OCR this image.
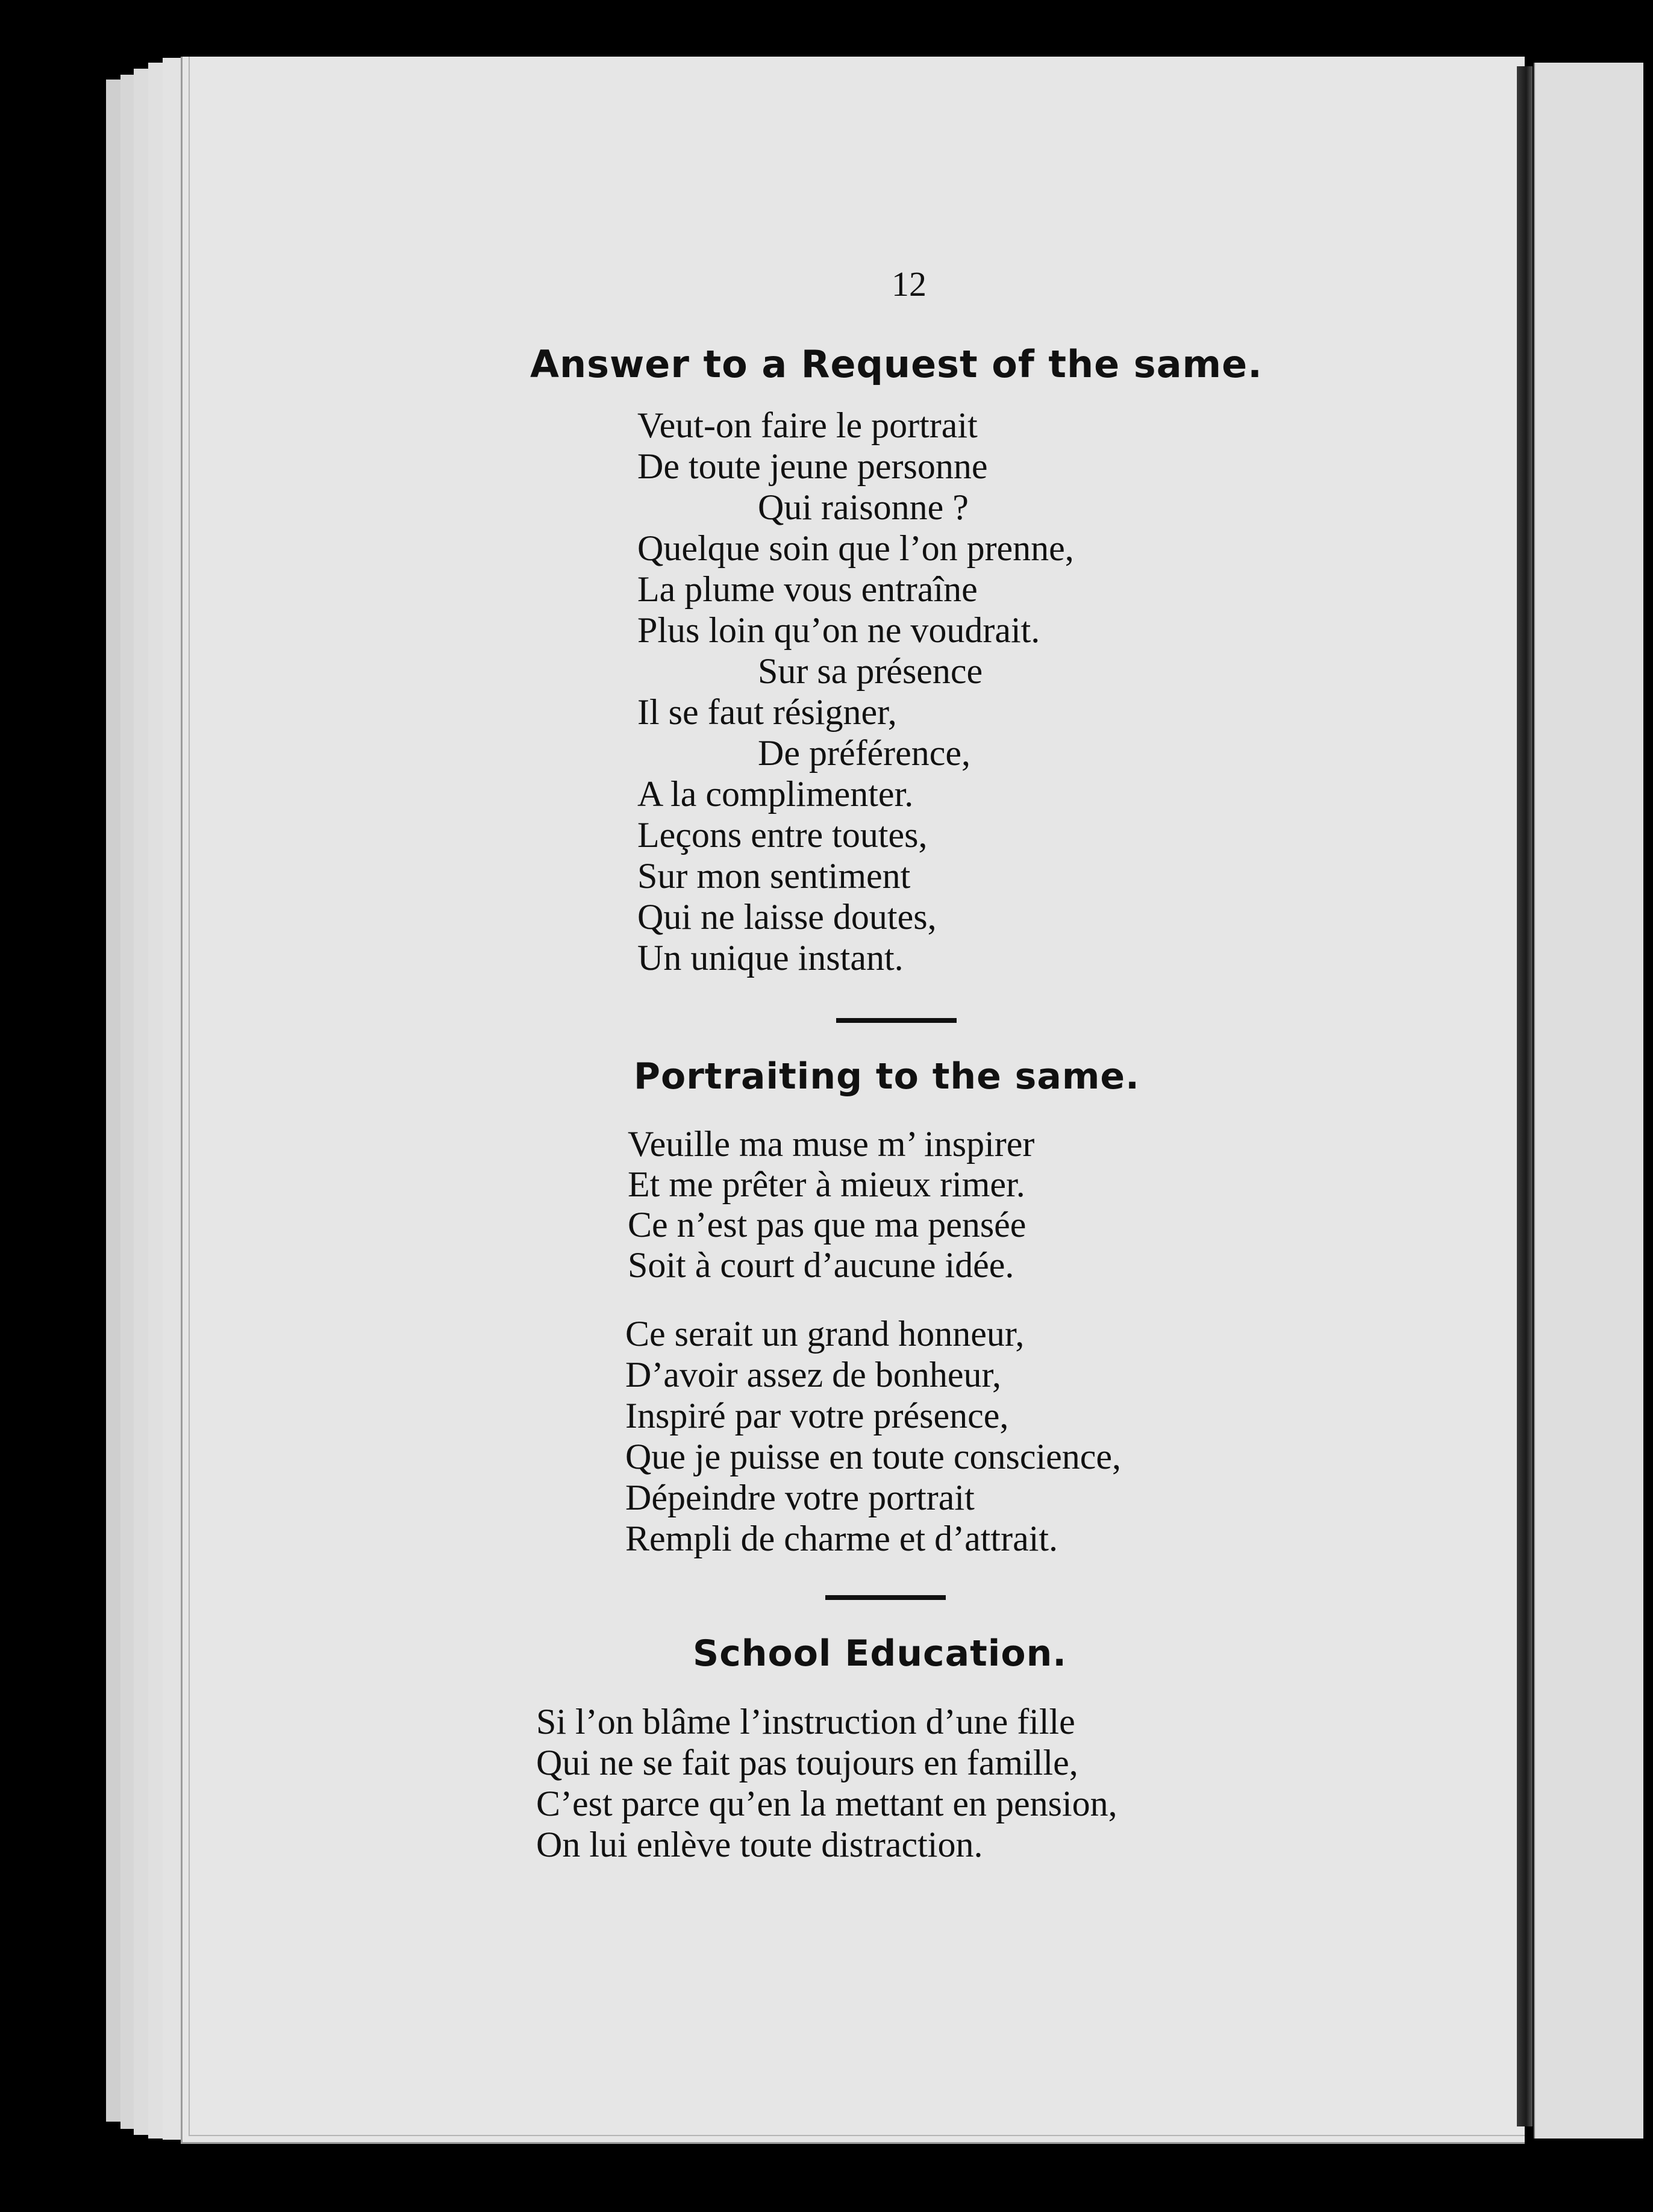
12
Answer to a Request of the same.
Veut-on faire le portrait
De toute jeune personne
Qui raisonne ?
Quelque soin que l’on prenne,
La plume vous entraîne
Plus loin qu’on ne voudrait.
Sur sa présence
Il se faut résigner,
De préférence,
A la complimenter.
Leçons entre toutes,
Sur mon sentiment
Qui ne laisse doutes,
Un unique instant.
Portraiting to the same.
Veuille ma muse m’ inspirer
Et me prêter à mieux rimer.
Ce n’est pas que ma pensée
Soit à court d’aucune idée.
Ce serait un grand honneur,
D’avoir assez de bonheur,
Inspiré par votre présence,
Que je puisse en toute conscience,
Dépeindre votre portrait
Rempli de charme et d’attrait.
School Education.
Si l’on blâme l’instruction d’une fille
Qui ne se fait pas toujours en famille,
C’est parce qu’en la mettant en pension,
On lui enlève toute distraction.
